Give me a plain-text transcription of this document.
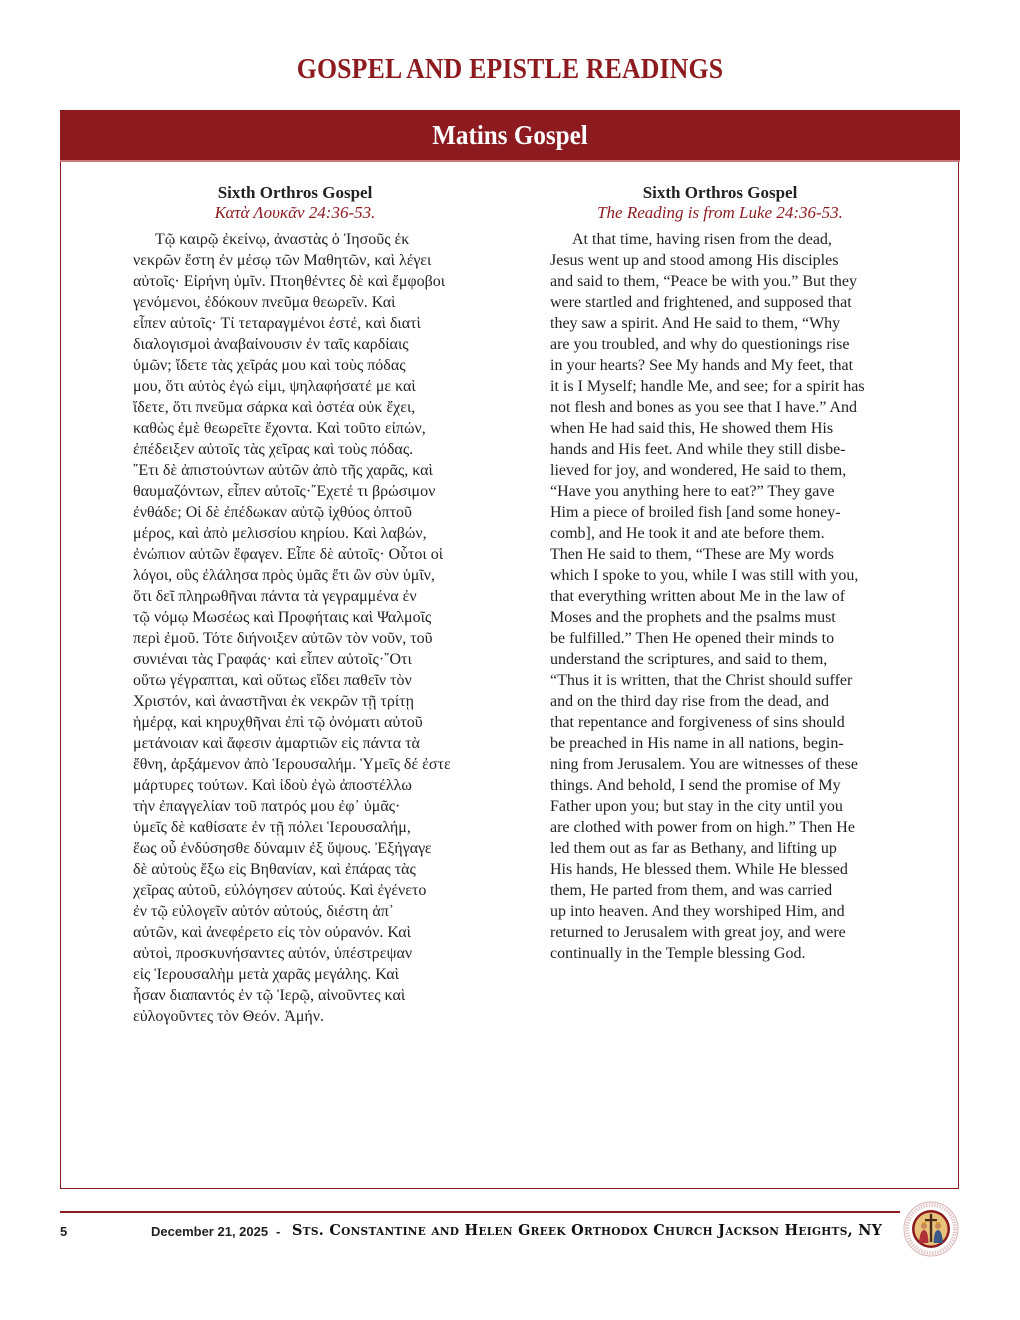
GOSPEL AND EPISTLE READINGS
Matins Gospel
Sixth Orthros Gospel
Κατὰ Λουκᾶν 24:36-53.
Τῷ καιρῷ ἐκείνῳ, ἀναστὰς ὁ Ἰησοῦς ἐκ
νεκρῶν ἔστη ἐν μέσῳ τῶν Μαθητῶν, καὶ λέγει
αὐτοῖς· Εἰρήνη ὑμῖν. Πτοηθέντες δὲ καὶ ἔμφοβοι
γενόμενοι, ἐδόκουν πνεῦμα θεωρεῖν. Καὶ
εἶπεν αὐτοῖς· Τί τεταραγμένοι ἐστέ, καὶ διατὶ
διαλογισμοὶ ἀναβαίνουσιν ἐν ταῖς καρδίαις
ὑμῶν; ἴδετε τὰς χεῖράς μου καὶ τοὺς πόδας
μου, ὅτι αὐτὸς ἐγώ εἰμι, ψηλαφήσατέ με καὶ
ἴδετε, ὅτι πνεῦμα σάρκα καὶ ὀστέα οὐκ ἔχει,
καθὼς ἐμὲ θεωρεῖτε ἔχοντα. Καὶ τοῦτο εἰπών,
ἐπέδειξεν αὐτοῖς τὰς χεῖρας καὶ τοὺς πόδας.
῎Ετι δὲ ἀπιστούντων αὐτῶν ἀπὸ τῆς χαρᾶς, καὶ
θαυμαζόντων, εἶπεν αὐτοῖς·῎Εχετέ τι βρώσιμον
ἐνθάδε; Οἱ δὲ ἐπέδωκαν αὐτῷ ἰχθύος ὀπτοῦ
μέρος, καὶ ἀπὸ μελισσίου κηρίου. Καὶ λαβών,
ἐνώπιον αὐτῶν ἔφαγεν. Εἶπε δὲ αὐτοῖς· Οὗτοι οἱ
λόγοι, οὓς ἐλάλησα πρὸς ὑμᾶς ἔτι ὢν σὺν ὑμῖν,
ὅτι δεῖ πληρωθῆναι πάντα τὰ γεγραμμένα ἐν
τῷ νόμῳ Μωσέως καὶ Προφήταις καὶ Ψαλμοῖς
περὶ ἐμοῦ. Τότε διήνοιξεν αὐτῶν τὸν νοῦν, τοῦ
συνιέναι τὰς Γραφάς· καὶ εἶπεν αὐτοῖς·῞Οτι
οὕτω γέγραπται, καὶ οὕτως εἴδει παθεῖν τὸν
Χριστόν, καὶ ἀναστῆναι ἐκ νεκρῶν τῇ τρίτῃ
ἡμέρᾳ, καὶ κηρυχθῆναι ἐπὶ τῷ ὀνόματι αὐτοῦ
μετάνοιαν καὶ ἄφεσιν ἁμαρτιῶν εἰς πάντα τὰ
ἔθνη, ἀρξάμενον ἀπὸ Ἱερουσαλήμ. Ὑμεῖς δέ ἐστε
μάρτυρες τούτων. Καὶ ἰδοὺ ἐγὼ ἀποστέλλω
τὴν ἐπαγγελίαν τοῦ πατρός μου ἐφ᾿ ὑμᾶς·
ὑμεῖς δὲ καθίσατε ἐν τῇ πόλει Ἱερουσαλήμ,
ἕως οὗ ἐνδύσησθε δύναμιν ἐξ ὕψους. Ἐξήγαγε
δὲ αὐτοὺς ἔξω εἰς Βηθανίαν, καὶ ἐπάρας τὰς
χεῖρας αὐτοῦ, εὐλόγησεν αὐτούς. Καὶ ἐγένετο
ἐν τῷ εὐλογεῖν αὐτόν αὐτούς, διέστη ἀπ᾿
αὐτῶν, καὶ ἀνεφέρετο εἰς τὸν οὐρανόν. Καὶ
αὐτοὶ, προσκυνήσαντες αὐτόν, ὑπέστρεψαν
εἰς Ἱερουσαλὴμ μετὰ χαρᾶς μεγάλης. Καὶ
ἦσαν διαπαντός ἐν τῷ Ἱερῷ, αἰνοῦντες καὶ
εὐλογοῦντες τὸν Θεόν. Ἀμήν.
Sixth Orthros Gospel
The Reading is from Luke 24:36-53.
At that time, having risen from the dead,
Jesus went up and stood among His disciples
and said to them, “Peace be with you.” But they
were startled and frightened, and supposed that
they saw a spirit. And He said to them, “Why
are you troubled, and why do questionings rise
in your hearts? See My hands and My feet, that
it is I Myself; handle Me, and see; for a spirit has
not flesh and bones as you see that I have.” And
when He had said this, He showed them His
hands and His feet. And while they still disbe-
lieved for joy, and wondered, He said to them,
“Have you anything here to eat?” They gave
Him a piece of broiled fish [and some honey-
comb], and He took it and ate before them.
Then He said to them, “These are My words
which I spoke to you, while I was still with you,
that everything written about Me in the law of
Moses and the prophets and the psalms must
be fulfilled.” Then He opened their minds to
understand the scriptures, and said to them,
“Thus it is written, that the Christ should suffer
and on the third day rise from the dead, and
that repentance and forgiveness of sins should
be preached in His name in all nations, begin-
ning from Jerusalem. You are witnesses of these
things. And behold, I send the promise of My
Father upon you; but stay in the city until you
are clothed with power from on high.” Then He
led them out as far as Bethany, and lifting up
His hands, He blessed them. While He blessed
them, He parted from them, and was carried
up into heaven. And they worshiped Him, and
returned to Jerusalem with great joy, and were
continually in the Temple blessing God.
5	December 21, 2025 - Sts. Constantine and Helen Greek Orthodox Church Jackson Heights, NY
